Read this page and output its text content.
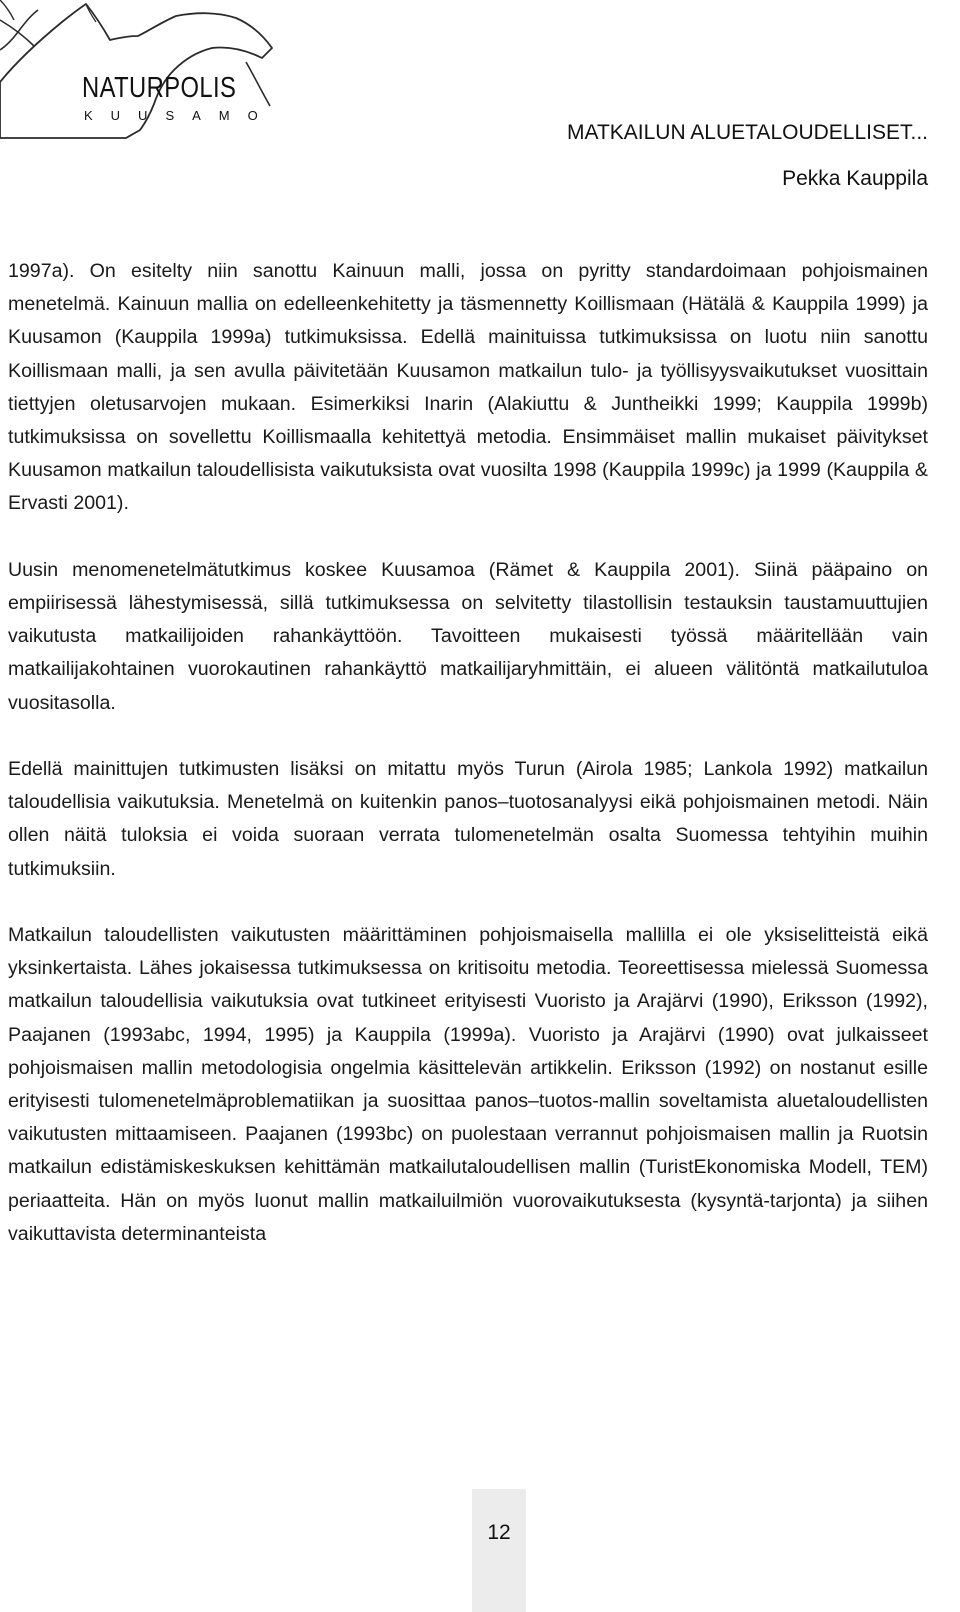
NATURPOLIS
KUUSAMO
MATKAILUN ALUETALOUDELLISET...
Pekka Kauppila

1997a). On esitelty niin sanottu Kainuun malli, jossa on pyritty standardoimaan pohjoismainen menetelmä. Kainuun mallia on edelleenkehitetty ja täsmennetty Koillismaan (Hätälä & Kauppila 1999) ja Kuusamon (Kauppila 1999a) tutkimuksissa. Edellä mainituissa tutkimuksissa on luotu niin sanottu Koillismaan malli, ja sen avulla päivitetään Kuusamon matkailun tulo- ja työllisyysvaikutukset vuosittain tiettyjen oletusarvojen mukaan. Esimerkiksi Inarin (Alakiuttu & Juntheikki 1999; Kauppila 1999b) tutkimuksissa on sovellettu Koillismaalla kehitettyä metodia. Ensimmäiset mallin mukaiset päivitykset Kuusamon matkailun taloudellisista vaikutuksista ovat vuosilta 1998 (Kauppila 1999c) ja 1999 (Kauppila & Ervasti 2001).

Uusin menomenetelmätutkimus koskee Kuusamoa (Rämet & Kauppila 2001). Siinä pääpaino on empiirisessä lähestymisessä, sillä tutkimuksessa on selvitetty tilastollisin testauksin taustamuuttujien vaikutusta matkailijoiden rahankäyttöön. Tavoitteen mukaisesti työssä määritellään vain matkailijakohtainen vuorokautinen rahankäyttö matkailijaryhmittäin, ei alueen välitöntä matkailutuloa vuositasolla.

Edellä mainittujen tutkimusten lisäksi on mitattu myös Turun (Airola 1985; Lankola 1992) matkailun taloudellisia vaikutuksia. Menetelmä on kuitenkin panos–tuotosanalyysi eikä pohjoismainen metodi. Näin ollen näitä tuloksia ei voida suoraan verrata tulomenetelmän osalta Suomessa tehtyihin muihin tutkimuksiin.

Matkailun taloudellisten vaikutusten määrittäminen pohjoismaisella mallilla ei ole yksiselitteistä eikä yksinkertaista. Lähes jokaisessa tutkimuksessa on kritisoitu metodia. Teoreettisessa mielessä Suomessa matkailun taloudellisia vaikutuksia ovat tutkineet erityisesti Vuoristo ja Arajärvi (1990), Eriksson (1992), Paajanen (1993abc, 1994, 1995) ja Kauppila (1999a). Vuoristo ja Arajärvi (1990) ovat julkaisseet pohjoismaisen mallin metodologisia ongelmia käsittelevän artikkelin. Eriksson (1992) on nostanut esille erityisesti tulomenetelmäproblematiikan ja suosittaa panos–tuotos-mallin soveltamista aluetaloudellisten vaikutusten mittaamiseen. Paajanen (1993bc) on puolestaan verrannut pohjoismaisen mallin ja Ruotsin matkailun edistämiskeskuksen kehittämän matkailutaloudellisen mallin (TuristEkonomiska Modell, TEM) periaatteita. Hän on myös luonut mallin matkailuilmiön vuorovaikutuksesta (kysyntä-tarjonta) ja siihen vaikuttavista determinanteista

12
